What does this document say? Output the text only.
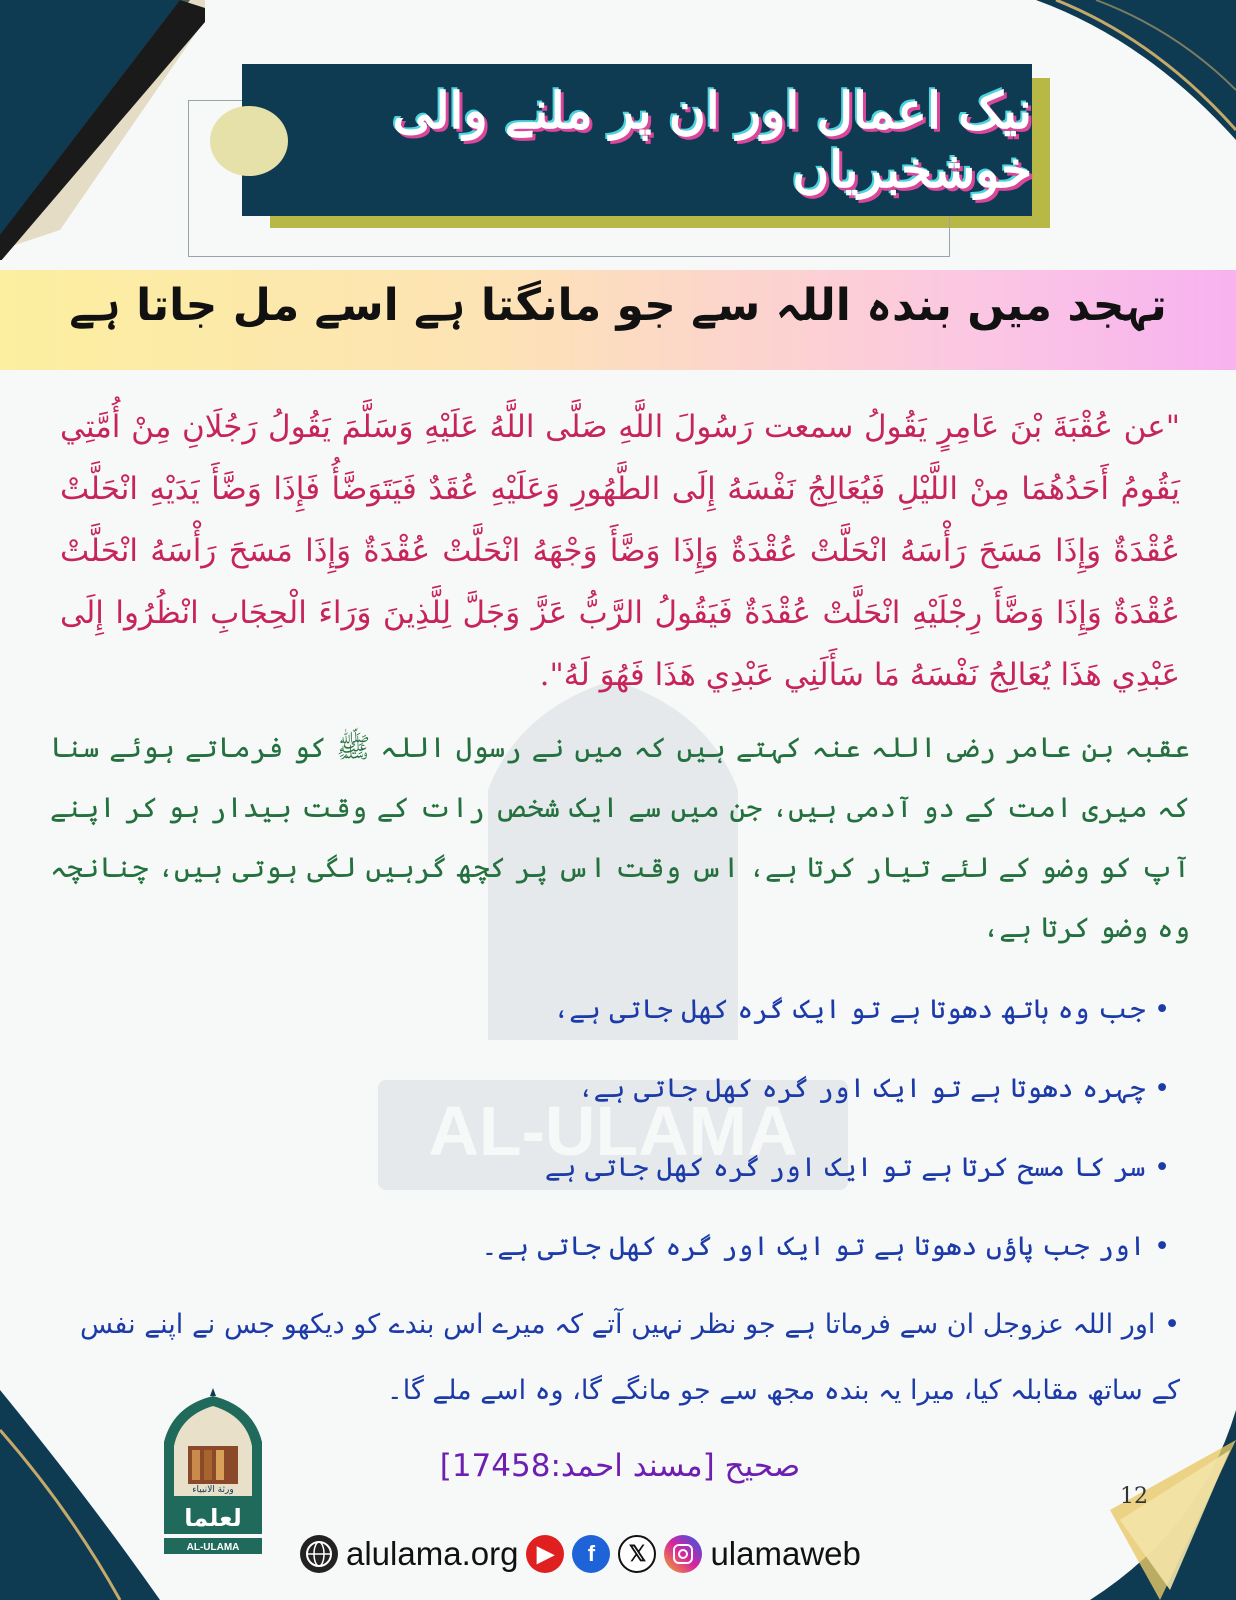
نیک اعمال اور ان پر ملنے والی خوشخبریاں
تہجد میں بندہ اللہ سے جو مانگتا ہے اسے مل جاتا ہے
AL-ULAMA
"عن عُقْبَةَ بْنَ عَامِرٍ يَقُولُ سمعت رَسُولَ اللَّهِ صَلَّى اللَّهُ عَلَيْهِ وَسَلَّمَ يَقُولُ رَجُلَانِ مِنْ أُمَّتِي يَقُومُ أَحَدُهُمَا مِنْ اللَّيْلِ فَيُعَالِجُ نَفْسَهُ إِلَى الطَّهُورِ وَعَلَيْهِ عُقَدٌ فَيَتَوَضَّأُ فَإِذَا وَضَّأَ يَدَيْهِ انْحَلَّتْ عُقْدَةٌ وَإِذَا مَسَحَ رَأْسَهُ انْحَلَّتْ عُقْدَةٌ وَإِذَا وَضَّأَ وَجْهَهُ انْحَلَّتْ عُقْدَةٌ وَإِذَا مَسَحَ رَأْسَهُ انْحَلَّتْ عُقْدَةٌ وَإِذَا وَضَّأَ رِجْلَيْهِ انْحَلَّتْ عُقْدَةٌ فَيَقُولُ الرَّبُّ عَزَّ وَجَلَّ لِلَّذِينَ وَرَاءَ الْحِجَابِ انْظُرُوا إِلَى عَبْدِي هَذَا يُعَالِجُ نَفْسَهُ مَا سَأَلَنِي عَبْدِي هَذَا فَهُوَ لَهُ".
عقبہ بن عامر رضی اللہ عنہ کہتے ہیں کہ میں نے رسول اللہ ﷺ کو فرماتے ہوئے سنا کہ میری امت کے دو آدمی ہیں، جن میں سے ایک شخص رات کے وقت بیدار ہو کر اپنے آپ کو وضو کے لئے تیار کرتا ہے، اس وقت اس پر کچھ گرہیں لگی ہوتی ہیں، چنانچہ وہ وضو کرتا ہے،
• جب وہ ہاتھ دھوتا ہے تو ایک گرہ کھل جاتی ہے،
• چہرہ دھوتا ہے تو ایک اور گرہ کھل جاتی ہے،
• سر کا مسح کرتا ہے تو ایک اور گرہ کھل جاتی ہے
• اور جب پاؤں دھوتا ہے تو ایک اور گرہ کھل جاتی ہے۔
• اور اللہ عزوجل ان سے فرماتا ہے جو نظر نہیں آتے کہ میرے اس بندے کو دیکھو جس نے اپنے نفس کے ساتھ مقابلہ کیا، میرا یہ بندہ مجھ سے جو مانگے گا، وہ اسے ملے گا۔
صحيح [مسند احمد:17458]
12
ورثة الانبياء
لعلما
AL-ULAMA	alulama.org ▶	f	𝕏	ulamaweb
